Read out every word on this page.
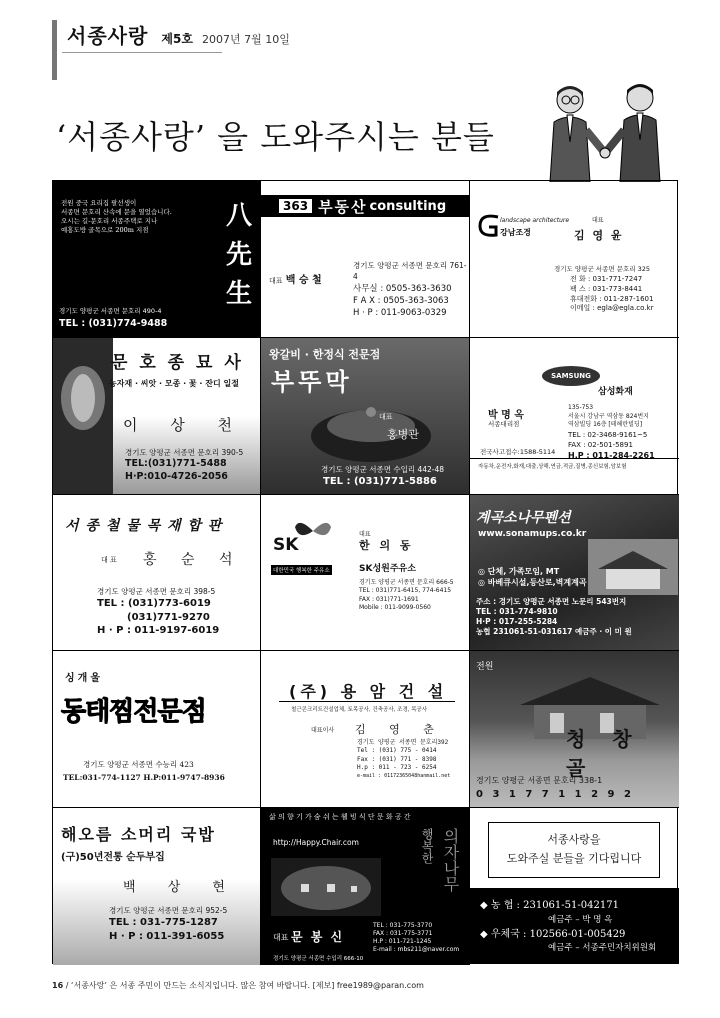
서종사랑 제5호 2007년 7월 10일
‘서종사랑’ 을 도와주시는 분들
전원 중국 요리집 팔선생이
서종면 문호리 산속에 문을 열었습니다.
오시는 길-문호리 서종주택로 지나
예홍도방 골목으로 200m 지점	八
先
生
경기도 양평군 서종면 문호리 490-4
TEL : (031)774-9488
363 부동산 consulting
대표 백 승 철
경기도 양평군 서종면 문호리 761-4
사무실 : 0505-363-3630
F A X : 0505-363-3063
H · P : 011-9063-0329
landscape architecture
강남조경
대표
김 영 윤
경기도 양평군 서종면 문호리 325
전 화 : 031-771-7247
팩 스 : 031-773-8441
휴대전화 : 011-287-1601
이메일 : egla@egla.co.kr
문 호 종 묘 사
농자재 · 씨앗 · 모종 · 꽃 · 잔디 일절
이 상 천
경기도 양평군 서종면 문호리 390-5
TEL:(031)771-5488
H·P:010-4726-2056
왕갈비 · 한정식 전문점
부뚜막
대표
홍병관
경기도 양평군 서종면 수입리 442-48
TEL : (031)771-5886
SAMSUNG
삼성화재
박 명 옥
서종대리점
135-753
서울시 강남구 역삼동 824번지
역삼빌딩 16층 [테헤란빌딩]
TEL : 02-3468-9161~5
FAX : 02-501-5891
H.P : 011-284-2261
전국사고접수:1588-5114
자동차,운전자,화재,대출,상해,연금,적금,질병,종신보험,암보험
서 종 철 물 목 재 합 판
대 표 홍 순 석
경기도 양평군 서종면 문호리 398-5
TEL : (031)773-6019
(031)771-9270
H · P : 011-9197-6019
SK
대한민국 행복한 주유소
대표
한 의 동
SK성원주유소
경기도 양평군 서종면 문호리 666-5
TEL : 031)771-6415, 774-6415
FAX : 031)771-1691
Mobile : 011-9099-0560
계곡소나무펜션
www.sonamups.co.kr
◎ 단체, 가족모임, MT
◎ 바베큐시설,등산로,벽계계곡
주소 : 경기도 양평군 서종면 노문리 543번지
TEL : 031-774-9810
H·P : 017-255-5284
농협 231061-51-031617 예금주 · 이 미 원
싱개울
동태찜전문점
경기도 양평군 서종면 수능리 423
TEL:031-774-1127 H.P:011-9747-8936
(주) 용 암 건 설
철근콘크리트건설업체, 토목공사, 건축공사, 조경, 목공사
대표이사 김 영 춘
경기도 양평군 서종면 문호리392
Tel : (031) 775 - 0414
Fax : (031) 771 - 8398
H.p : 011 - 723 - 6254
e-mail : 01172365048hanmail.net
전원
청 창 골
경기도 양평군 서종면 문호리 338-1
0 3 1 7 7 1 1 2 9 2
해오름 소머리 국밥
(구)50년전통 순두부집
백 상 현
경기도 양평군 서종면 문호리 952-5
TEL : 031-775-1287
H · P : 011-391-6055
삶 의 향 기 가 숨 쉬 는 웰 빙 식 단 문 화 공 간
http://Happy.Chair.com	행복한 의자나무
대표 문 봉 신
TEL : 031-775-3770
FAX : 031-775-3771
H.P : 011-721-1245
E-mail : mbs211@naver.com
경기도 양평군 서종면 수입리 666-10
서종사랑을
도와주실 분들을 기다립니다
◆ 농 협 : 231061-51-042171
예금주 – 박 명 옥
◆ 우체국 : 102566-01-005429
예금주 – 서종주민자치위원회
16 / ‘서종사랑’ 은 서종 주민이 만드는 소식지입니다. 많은 참여 바랍니다. [제보] free1989@paran.com
